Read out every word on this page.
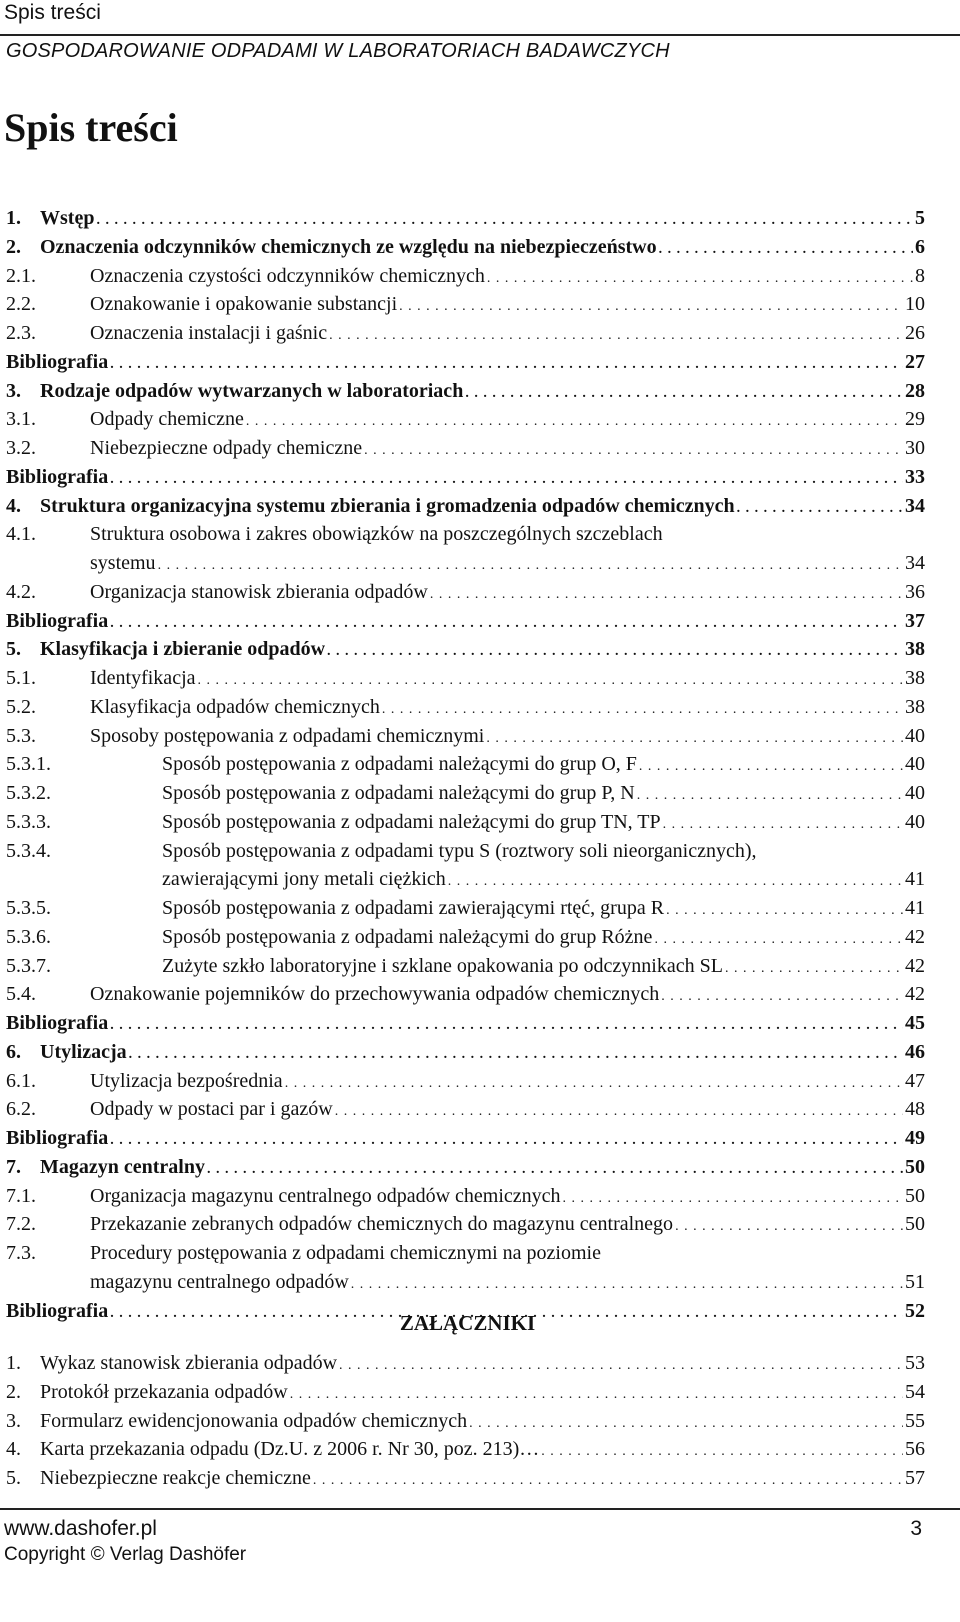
Spis treści
GOSPODAROWANIE ODPADAMI W LABORATORIACH BADAWCZYCH
Spis treści
1. Wstęp . . .	5
2. Oznaczenia odczynników chemicznych ze względu na niebezpieczeństwo . . .	6
2.1.	Oznaczenia czystości odczynników chemicznych . . .	8
2.2.	Oznakowanie i opakowanie substancji . . .	10
2.3.	Oznaczenia instalacji i gaśnic . . .	26
Bibliografia . . .	27
3. Rodzaje odpadów wytwarzanych w laboratoriach . . .	28
3.1.	Odpady chemiczne . . .	29
3.2.	Niebezpieczne odpady chemiczne . . .	30
Bibliografia . . .	33
4. Struktura organizacyjna systemu zbierania i gromadzenia odpadów chemicznych . . .	34
4.1.	Struktura osobowa i zakres obowiązków na poszczególnych szczeblach
systemu . . .	34
4.2.	Organizacja stanowisk zbierania odpadów . . .	36
Bibliografia . . .	37
5. Klasyfikacja i zbieranie odpadów . . .	38
5.1.	Identyfikacja . . .	38
5.2.	Klasyfikacja odpadów chemicznych . . .	38
5.3.	Sposoby postępowania z odpadami chemicznymi . . .	40
5.3.1.	Sposób postępowania z odpadami należącymi do grup O, F . . .	40
5.3.2.	Sposób postępowania z odpadami należącymi do grup P, N . . .	40
5.3.3.	Sposób postępowania z odpadami należącymi do grup TN, TP . . .	40
5.3.4.	Sposób postępowania z odpadami typu S (roztwory soli nieorganicznych),
zawierającymi jony metali ciężkich . . .	41
5.3.5.	Sposób postępowania z odpadami zawierającymi rtęć, grupa R . . .	41
5.3.6.	Sposób postępowania z odpadami należącymi do grup Różne . . .	42
5.3.7.	Zużyte szkło laboratoryjne i szklane opakowania po odczynnikach SL . . .	42
5.4.	Oznakowanie pojemników do przechowywania odpadów chemicznych . . .	42
Bibliografia . . .	45
6. Utylizacja . . .	46
6.1.	Utylizacja bezpośrednia . . .	47
6.2.	Odpady w postaci par i gazów . . .	48
Bibliografia . . .	49
7. Magazyn centralny . . .	50
7.1.	Organizacja magazynu centralnego odpadów chemicznych . . .	50
7.2.	Przekazanie zebranych odpadów chemicznych do magazynu centralnego . . .	50
7.3.	Procedury postępowania z odpadami chemicznymi na poziomie
magazynu centralnego odpadów . . .	51
Bibliografia . . .	52
ZAŁĄCZNIKI
1. Wykaz stanowisk zbierania odpadów . . .	53
2. Protokół przekazania odpadów . . .	54
3. Formularz ewidencjonowania odpadów chemicznych . . .	55
4. Karta przekazania odpadu (Dz.U. z 2006 r. Nr 30, poz. 213)… . . .	56
5. Niebezpieczne reakcje chemiczne . . .	57
www.dashofer.pl	3
Copyright © Verlag Dashöfer
